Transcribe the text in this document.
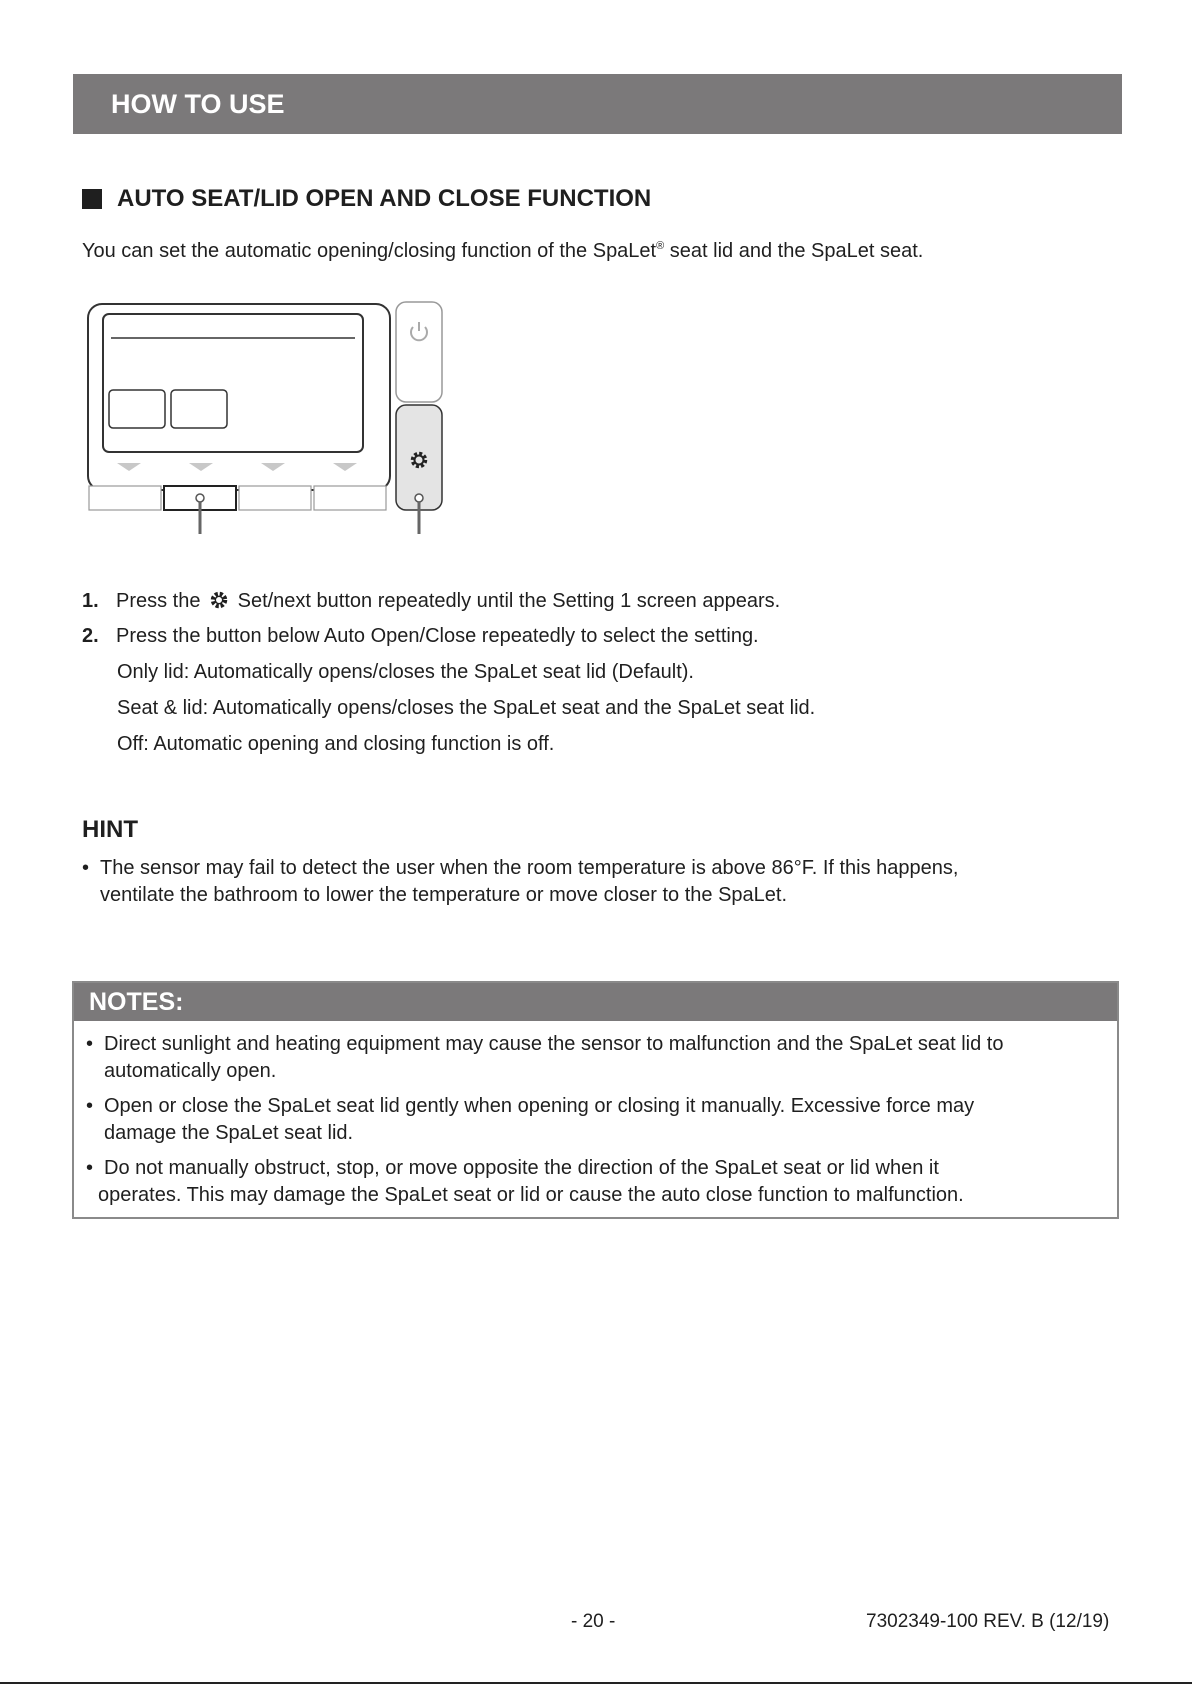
HOW TO USE
AUTO SEAT/LID OPEN AND CLOSE FUNCTION
You can set the automatic opening/closing function of the SpaLet® seat lid and the SpaLet seat.
1. Press the Set/next button repeatedly until the Setting 1 screen appears.
2. Press the button below Auto Open/Close repeatedly to select the setting.
Only lid: Automatically opens/closes the SpaLet seat lid (Default).
Seat & lid: Automatically opens/closes the SpaLet seat and the SpaLet seat lid.
Off: Automatic opening and closing function is off.
HINT
• The sensor may fail to detect the user when the room temperature is above 86°F. If this happens,
ventilate the bathroom to lower the temperature or move closer to the SpaLet.
NOTES:
• Direct sunlight and heating equipment may cause the sensor to malfunction and the SpaLet seat lid to
automatically open.
• Open or close the SpaLet seat lid gently when opening or closing it manually. Excessive force may
damage the SpaLet seat lid.
• Do not manually obstruct, stop, or move opposite the direction of the SpaLet seat or lid when it
operates. This may damage the SpaLet seat or lid or cause the auto close function to malfunction.
- 20 -	7302349-100 REV. B (12/19)
